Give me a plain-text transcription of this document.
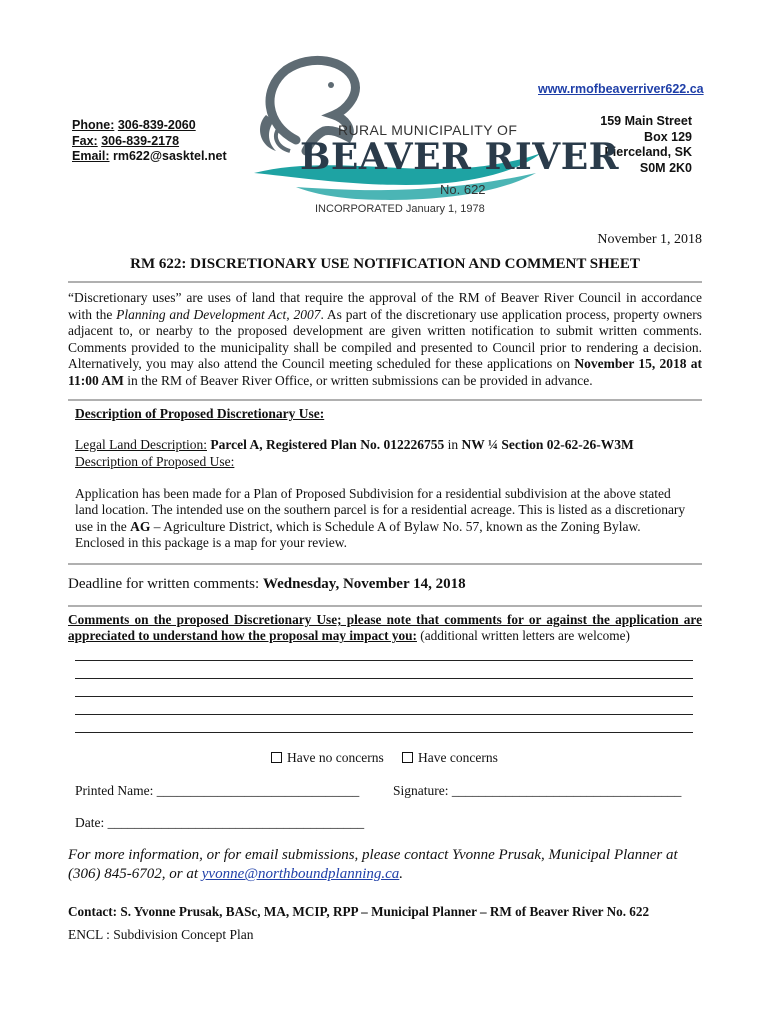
Phone: 306-839-2060
Fax: 306-839-2178
Email: rm622@sasktel.net
www.rmofbeaverriver622.ca
159 Main Street
Box 129
Pierceland, SK
S0M 2K0
RURAL MUNICIPALITY OF
BEAVER RIVER
No. 622
INCORPORATED January 1, 1978
November 1, 2018
RM 622: DISCRETIONARY USE NOTIFICATION AND COMMENT SHEET
“Discretionary uses” are uses of land that require the approval of the RM of Beaver River Council in accordance with the Planning and Development Act, 2007. As part of the discretionary use application process, property owners adjacent to, or nearby to the proposed development are given written notification to submit written comments. Comments provided to the municipality shall be compiled and presented to Council prior to rendering a decision. Alternatively, you may also attend the Council meeting scheduled for these applications on November 15, 2018 at 11:00 AM in the RM of Beaver River Office, or written submissions can be provided in advance.
Description of Proposed Discretionary Use:
Legal Land Description: Parcel A, Registered Plan No. 012226755 in NW ¼ Section 02-62-26-W3M
Description of Proposed Use:
Application has been made for a Plan of Proposed Subdivision for a residential subdivision at the above stated land location. The intended use on the southern parcel is for a residential acreage. This is listed as a discretionary use in the AG – Agriculture District, which is Schedule A of Bylaw No. 57, known as the Zoning Bylaw. Enclosed in this package is a map for your review.
Deadline for written comments: Wednesday, November 14, 2018
Comments on the proposed Discretionary Use; please note that comments for or against the application are appreciated to understand how the proposal may impact you: (additional written letters are welcome)
Have no concerns	Have concerns
Printed Name: ______________________________	Signature: __________________________________
Date: ______________________________________
For more information, or for email submissions, please contact Yvonne Prusak, Municipal Planner at (306) 845-6702, or at yvonne@northboundplanning.ca.
Contact: S. Yvonne Prusak, BASc, MA, MCIP, RPP – Municipal Planner – RM of Beaver River No. 622
ENCL : Subdivision Concept Plan
